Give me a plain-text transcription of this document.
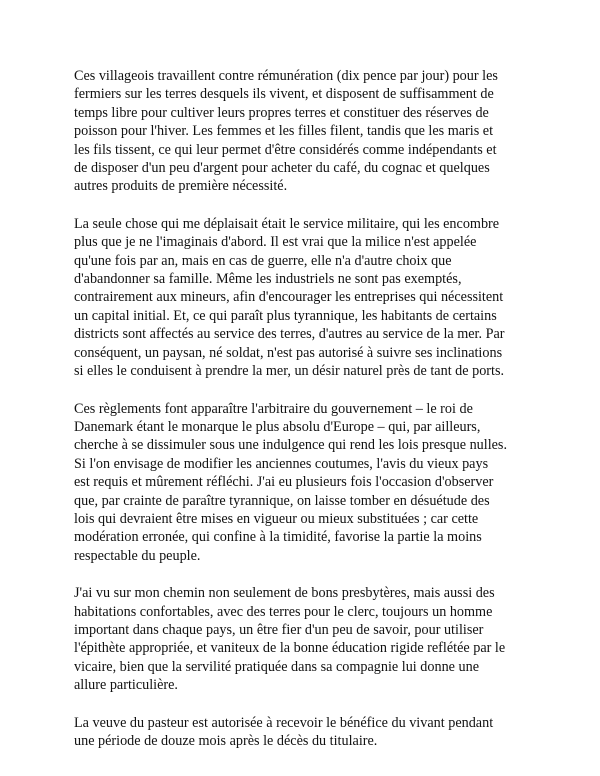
Ces villageois travaillent contre rémunération (dix pence par jour) pour les
fermiers sur les terres desquels ils vivent, et disposent de suffisamment de
temps libre pour cultiver leurs propres terres et constituer des réserves de
poisson pour l'hiver. Les femmes et les filles filent, tandis que les maris et
les fils tissent, ce qui leur permet d'être considérés comme indépendants et
de disposer d'un peu d'argent pour acheter du café, du cognac et quelques
autres produits de première nécessité.

La seule chose qui me déplaisait était le service militaire, qui les encombre
plus que je ne l'imaginais d'abord. Il est vrai que la milice n'est appelée
qu'une fois par an, mais en cas de guerre, elle n'a d'autre choix que
d'abandonner sa famille. Même les industriels ne sont pas exemptés,
contrairement aux mineurs, afin d'encourager les entreprises qui nécessitent
un capital initial. Et, ce qui paraît plus tyrannique, les habitants de certains
districts sont affectés au service des terres, d'autres au service de la mer. Par
conséquent, un paysan, né soldat, n'est pas autorisé à suivre ses inclinations
si elles le conduisent à prendre la mer, un désir naturel près de tant de ports.

Ces règlements font apparaître l'arbitraire du gouvernement – le roi de
Danemark étant le monarque le plus absolu d'Europe – qui, par ailleurs,
cherche à se dissimuler sous une indulgence qui rend les lois presque nulles.
Si l'on envisage de modifier les anciennes coutumes, l'avis du vieux pays
est requis et mûrement réfléchi. J'ai eu plusieurs fois l'occasion d'observer
que, par crainte de paraître tyrannique, on laisse tomber en désuétude des
lois qui devraient être mises en vigueur ou mieux substituées ; car cette
modération erronée, qui confine à la timidité, favorise la partie la moins
respectable du peuple.

J'ai vu sur mon chemin non seulement de bons presbytères, mais aussi des
habitations confortables, avec des terres pour le clerc, toujours un homme
important dans chaque pays, un être fier d'un peu de savoir, pour utiliser
l'épithète appropriée, et vaniteux de la bonne éducation rigide reflétée par le
vicaire, bien que la servilité pratiquée dans sa compagnie lui donne une
allure particulière.

La veuve du pasteur est autorisée à recevoir le bénéfice du vivant pendant
une période de douze mois après le décès du titulaire.
